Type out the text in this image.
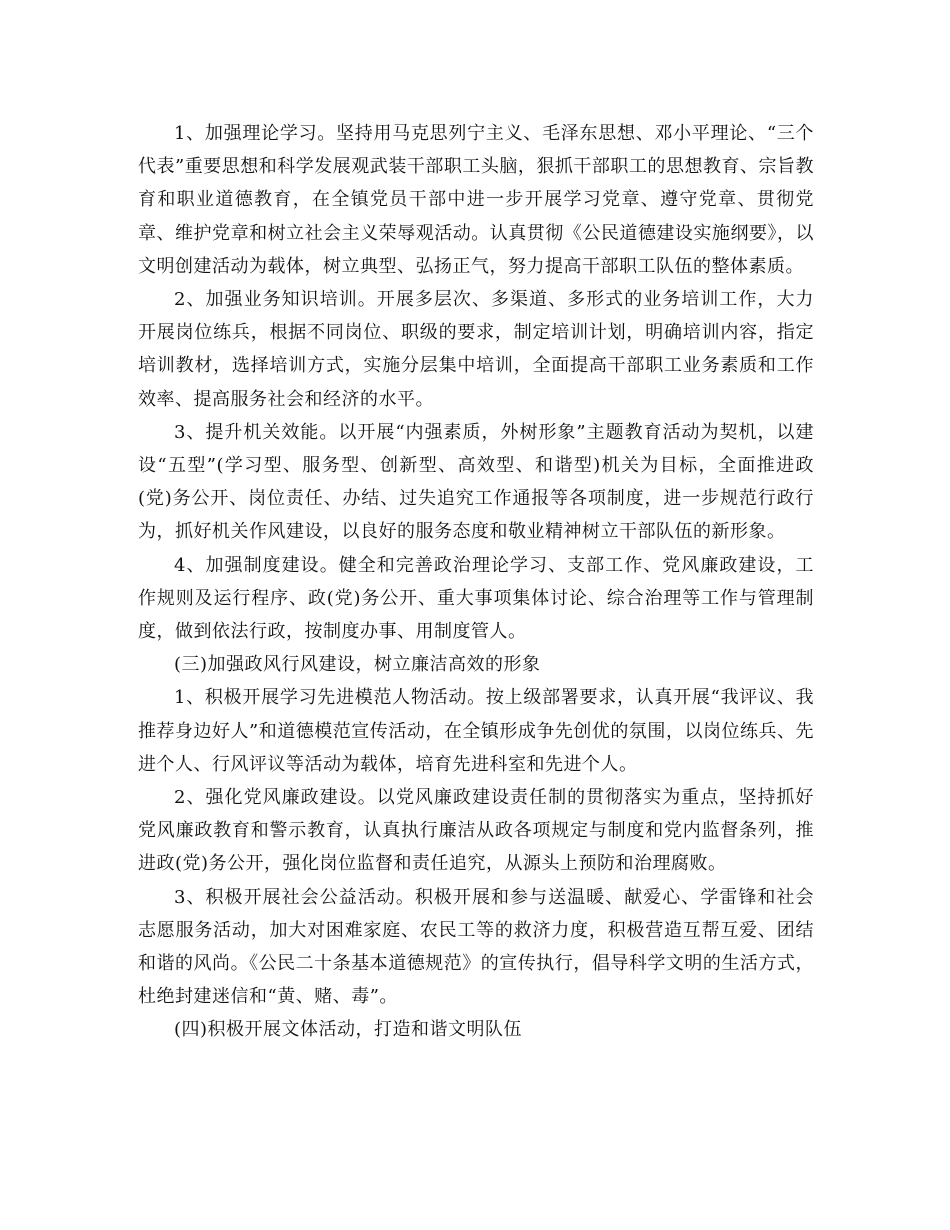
1、加强理论学习。坚持用马克思列宁主义、毛泽东思想、邓小平理论、“三个代表”重要思想和科学发展观武装干部职工头脑，狠抓干部职工的思想教育、宗旨教育和职业道德教育，在全镇党员干部中进一步开展学习党章、遵守党章、贯彻党章、维护党章和树立社会主义荣辱观活动。认真贯彻《公民道德建设实施纲要》，以文明创建活动为载体，树立典型、弘扬正气，努力提高干部职工队伍的整体素质。

2、加强业务知识培训。开展多层次、多渠道、多形式的业务培训工作，大力开展岗位练兵，根据不同岗位、职级的要求，制定培训计划，明确培训内容，指定培训教材，选择培训方式，实施分层集中培训，全面提高干部职工业务素质和工作效率、提高服务社会和经济的水平。

3、提升机关效能。以开展“内强素质，外树形象”主题教育活动为契机，以建设“五型”(学习型、服务型、创新型、高效型、和谐型)机关为目标，全面推进政(党)务公开、岗位责任、办结、过失追究工作通报等各项制度，进一步规范行政行为，抓好机关作风建设，以良好的服务态度和敬业精神树立干部队伍的新形象。

4、加强制度建设。健全和完善政治理论学习、支部工作、党风廉政建设，工作规则及运行程序、政(党)务公开、重大事项集体讨论、综合治理等工作与管理制度，做到依法行政，按制度办事、用制度管人。

(三)加强政风行风建设，树立廉洁高效的形象

1、积极开展学习先进模范人物活动。按上级部署要求，认真开展“我评议、我推荐身边好人”和道德模范宣传活动，在全镇形成争先创优的氛围，以岗位练兵、先进个人、行风评议等活动为载体，培育先进科室和先进个人。

2、强化党风廉政建设。以党风廉政建设责任制的贯彻落实为重点，坚持抓好党风廉政教育和警示教育，认真执行廉洁从政各项规定与制度和党内监督条列，推进政(党)务公开，强化岗位监督和责任追究，从源头上预防和治理腐败。

3、积极开展社会公益活动。积极开展和参与送温暖、献爱心、学雷锋和社会志愿服务活动，加大对困难家庭、农民工等的救济力度，积极营造互帮互爱、团结和谐的风尚。《公民二十条基本道德规范》的宣传执行，倡导科学文明的生活方式，杜绝封建迷信和“黄、赌、毒”。

(四)积极开展文体活动，打造和谐文明队伍
